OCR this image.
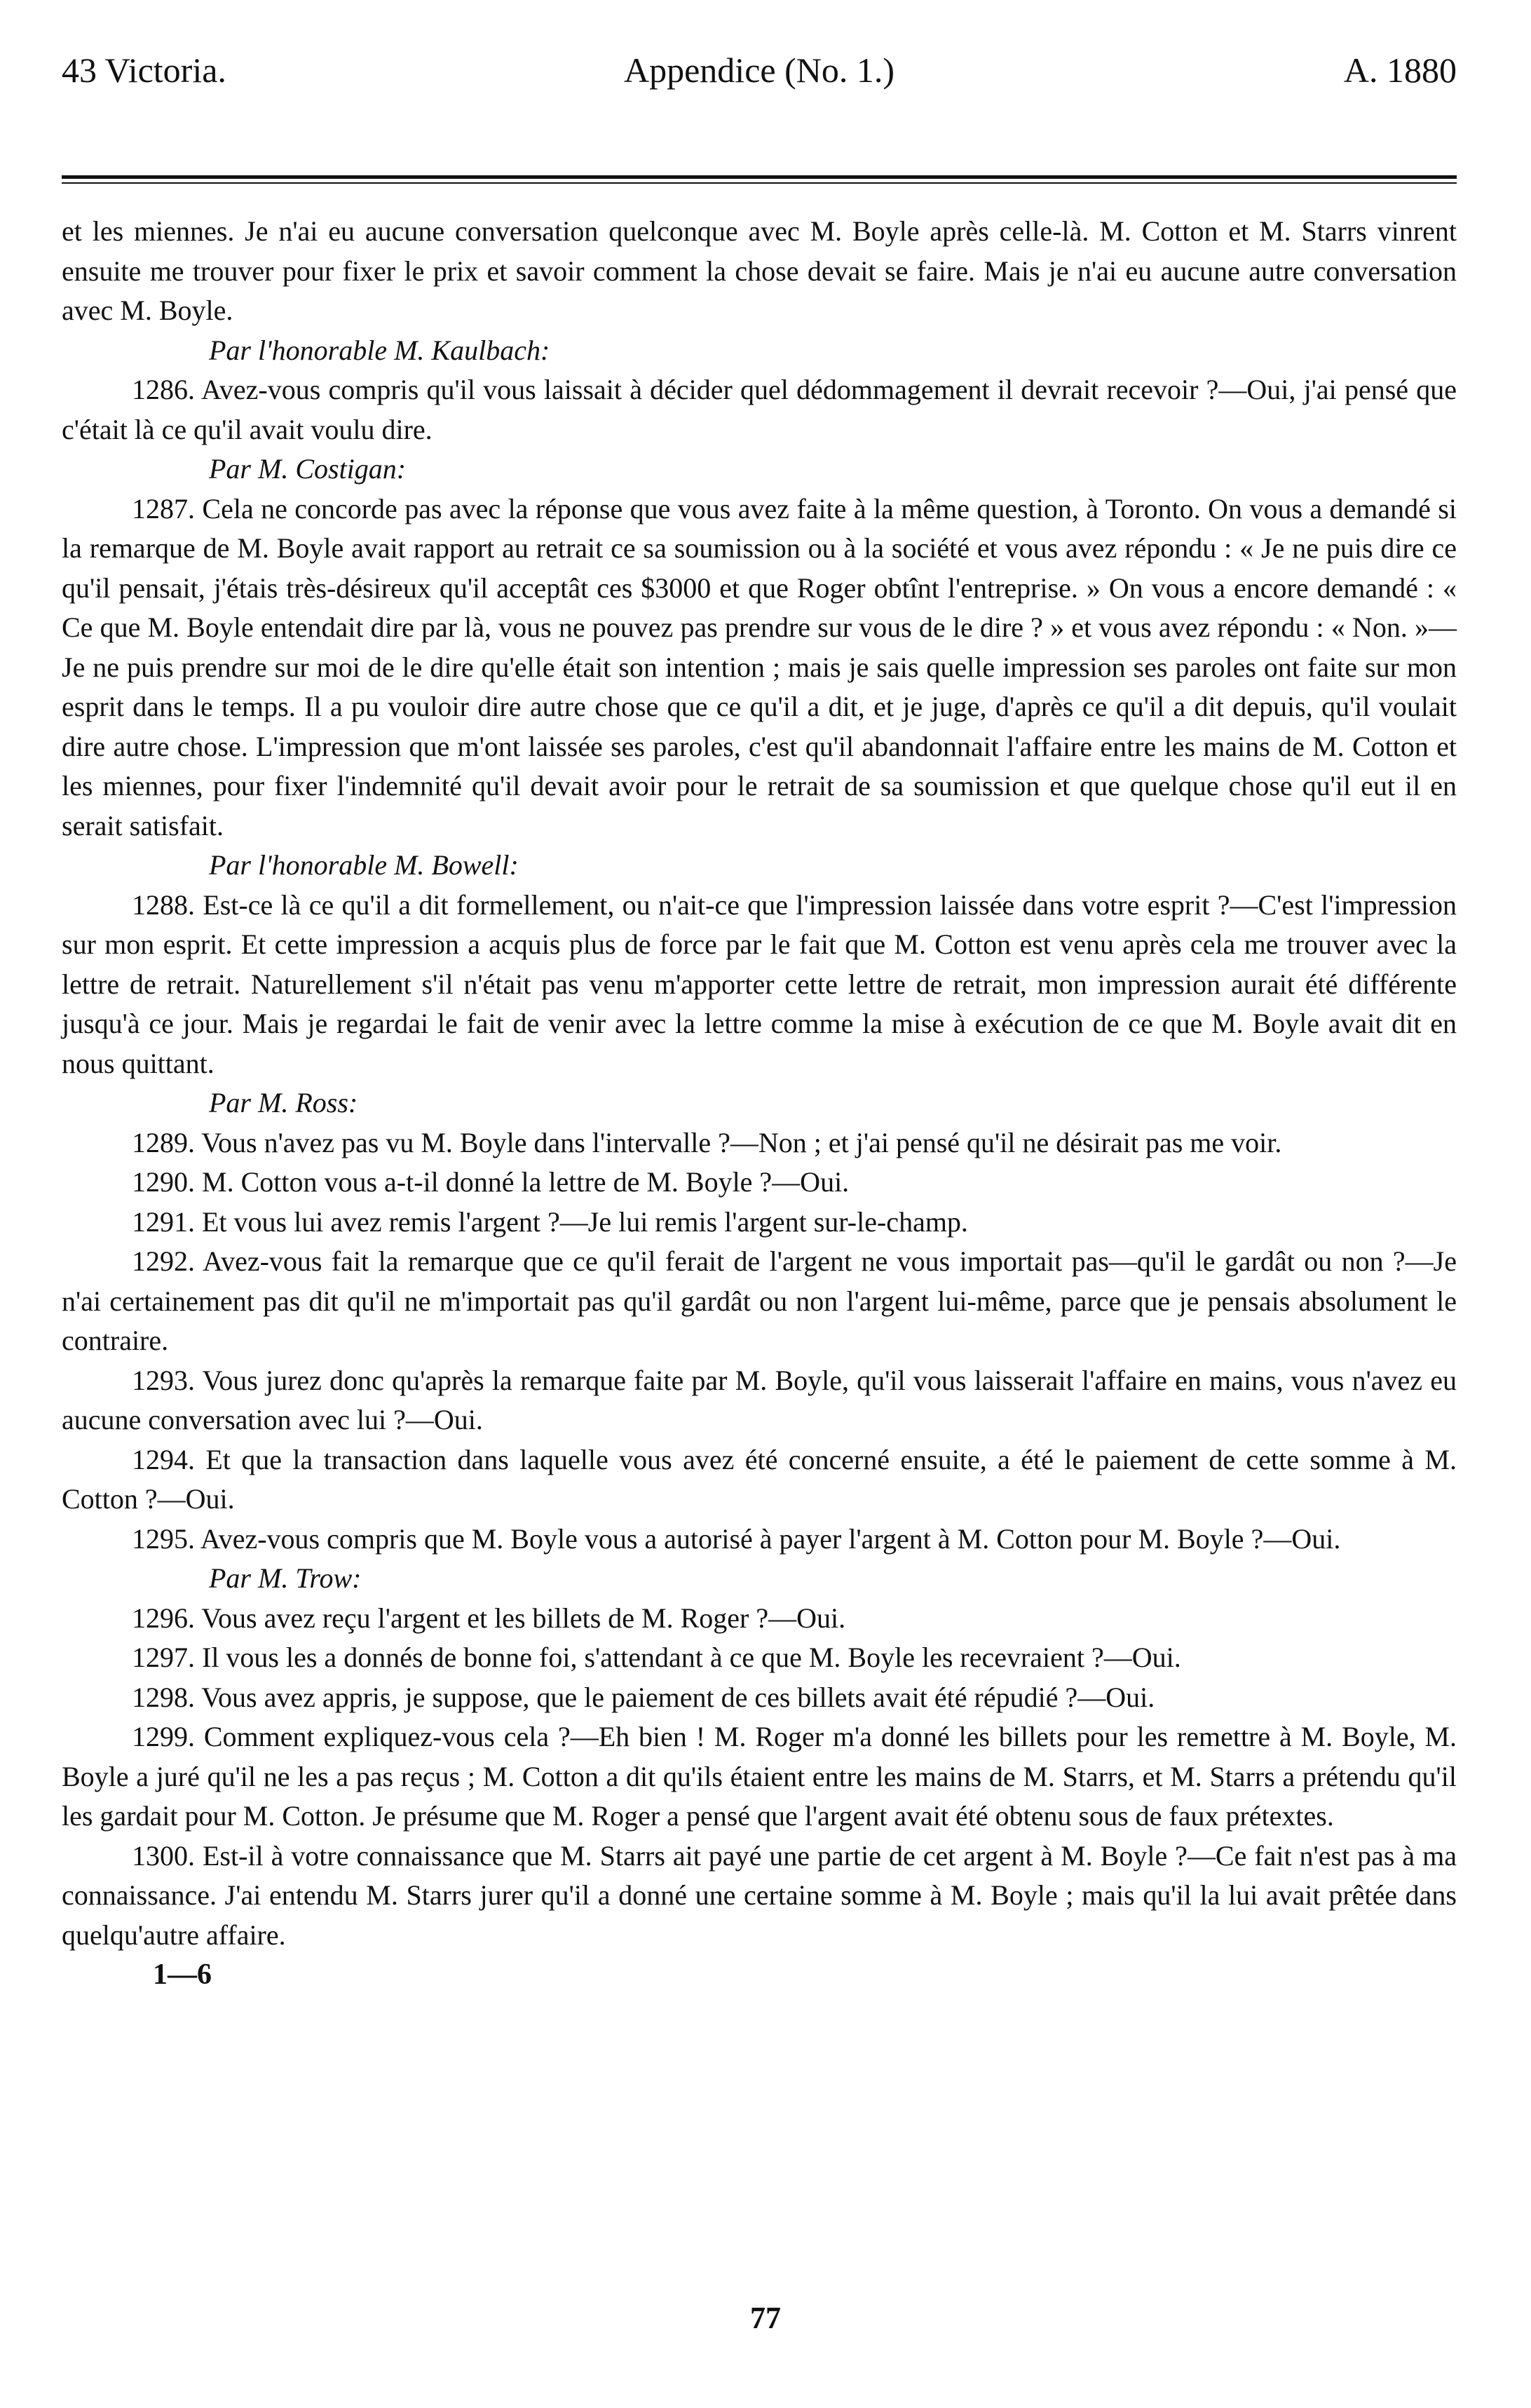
43 Victoria.	Appendice (No. 1.)	A. 1880

et les miennes. Je n'ai eu aucune conversation quelconque avec M. Boyle après celle-là. M. Cotton et M. Starrs vinrent ensuite me trouver pour fixer le prix et savoir comment la chose devait se faire. Mais je n'ai eu aucune autre conversation avec M. Boyle.

Par l'honorable M. Kaulbach:

1286. Avez-vous compris qu'il vous laissait à décider quel dédommagement il devrait recevoir ?—Oui, j'ai pensé que c'était là ce qu'il avait voulu dire.

Par M. Costigan:

1287. Cela ne concorde pas avec la réponse que vous avez faite à la même question, à Toronto. On vous a demandé si la remarque de M. Boyle avait rapport au retrait ce sa soumission ou à la société et vous avez répondu : « Je ne puis dire ce qu'il pensait, j'étais très-désireux qu'il acceptât ces $3000 et que Roger obtînt l'entreprise. » On vous a encore demandé : « Ce que M. Boyle entendait dire par là, vous ne pouvez pas prendre sur vous de le dire ? » et vous avez répondu : « Non. »—Je ne puis prendre sur moi de le dire qu'elle était son intention ; mais je sais quelle impression ses paroles ont faite sur mon esprit dans le temps. Il a pu vouloir dire autre chose que ce qu'il a dit, et je juge, d'après ce qu'il a dit depuis, qu'il voulait dire autre chose. L'impression que m'ont laissée ses paroles, c'est qu'il abandonnait l'affaire entre les mains de M. Cotton et les miennes, pour fixer l'indemnité qu'il devait avoir pour le retrait de sa soumission et que quelque chose qu'il eut il en serait satisfait.

Par l'honorable M. Bowell:

1288. Est-ce là ce qu'il a dit formellement, ou n'ait-ce que l'impression laissée dans votre esprit ?—C'est l'impression sur mon esprit. Et cette impression a acquis plus de force par le fait que M. Cotton est venu après cela me trouver avec la lettre de retrait. Naturellement s'il n'était pas venu m'apporter cette lettre de retrait, mon impression aurait été différente jusqu'à ce jour. Mais je regardai le fait de venir avec la lettre comme la mise à exécution de ce que M. Boyle avait dit en nous quittant.

Par M. Ross:

1289. Vous n'avez pas vu M. Boyle dans l'intervalle ?—Non ; et j'ai pensé qu'il ne désirait pas me voir.

1290. M. Cotton vous a-t-il donné la lettre de M. Boyle ?—Oui.

1291. Et vous lui avez remis l'argent ?—Je lui remis l'argent sur-le-champ.

1292. Avez-vous fait la remarque que ce qu'il ferait de l'argent ne vous importait pas—qu'il le gardât ou non ?—Je n'ai certainement pas dit qu'il ne m'importait pas qu'il gardât ou non l'argent lui-même, parce que je pensais absolument le contraire.

1293. Vous jurez donc qu'après la remarque faite par M. Boyle, qu'il vous laisserait l'affaire en mains, vous n'avez eu aucune conversation avec lui ?—Oui.

1294. Et que la transaction dans laquelle vous avez été concerné ensuite, a été le paiement de cette somme à M. Cotton ?—Oui.

1295. Avez-vous compris que M. Boyle vous a autorisé à payer l'argent à M. Cotton pour M. Boyle ?—Oui.

Par M. Trow:

1296. Vous avez reçu l'argent et les billets de M. Roger ?—Oui.

1297. Il vous les a donnés de bonne foi, s'attendant à ce que M. Boyle les recevraient ?—Oui.

1298. Vous avez appris, je suppose, que le paiement de ces billets avait été répudié ?—Oui.

1299. Comment expliquez-vous cela ?—Eh bien ! M. Roger m'a donné les billets pour les remettre à M. Boyle, M. Boyle a juré qu'il ne les a pas reçus ; M. Cotton a dit qu'ils étaient entre les mains de M. Starrs, et M. Starrs a prétendu qu'il les gardait pour M. Cotton. Je présume que M. Roger a pensé que l'argent avait été obtenu sous de faux prétextes.

1300. Est-il à votre connaissance que M. Starrs ait payé une partie de cet argent à M. Boyle ?—Ce fait n'est pas à ma connaissance. J'ai entendu M. Starrs jurer qu'il a donné une certaine somme à M. Boyle ; mais qu'il la lui avait prêtée dans quelqu'autre affaire.

1—6
77
